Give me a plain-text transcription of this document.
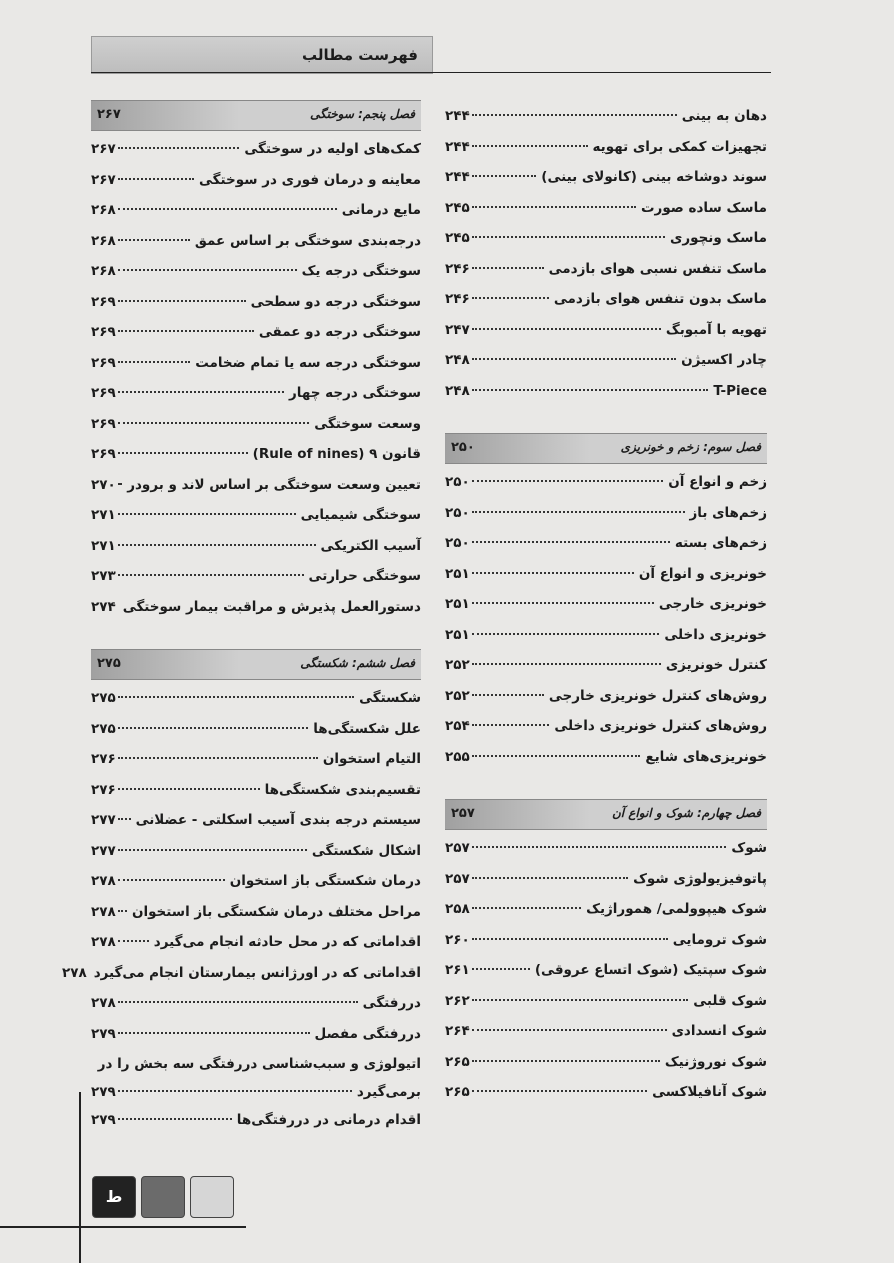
فهرست مطالب
دهان به بینی
۲۴۴
تجهیزات کمکی برای تهویه
۲۴۴
سوند دوشاخه بینی (کانولای بینی)
۲۴۴
ماسک ساده صورت
۲۴۵
ماسک ونچوری
۲۴۵
ماسک تنفس نسبی هوای بازدمی
۲۴۶
ماسک بدون تنفس هوای بازدمی
۲۴۶
تهویه با آمبوبگ
۲۴۷
چادر اکسیژن
۲۴۸
T-Piece
۲۴۸
فصل سوم: زخم و خونریزی
۲۵۰
زخم و انواع آن
۲۵۰
زخم‌های باز
۲۵۰
زخم‌های بسته
۲۵۰
خونریزی و انواع آن
۲۵۱
خونریزی خارجی
۲۵۱
خونریزی داخلی
۲۵۱
کنترل خونریزی
۲۵۲
روش‌های کنترل خونریزی خارجی
۲۵۲
روش‌های کنترل خونریزی داخلی
۲۵۴
خونریزی‌های شایع
۲۵۵
فصل چهارم: شوک و انواع آن
۲۵۷
شوک
۲۵۷
پاتوفیزیولوژی شوک
۲۵۷
شوک هیپوولمی/ هموراژیک
۲۵۸
شوک ترومایی
۲۶۰
شوک سپتیک (شوک اتساع عروقی)
۲۶۱
شوک قلبی
۲۶۲
شوک انسدادی
۲۶۴
شوک نوروژنیک
۲۶۵
شوک آنافیلاکسی
۲۶۵
فصل پنجم: سوختگی
۲۶۷
کمک‌های اولیه در سوختگی
۲۶۷
معاینه و درمان فوری در سوختگی
۲۶۷
مایع درمانی
۲۶۸
درجه‌بندی سوختگی بر اساس عمق
۲۶۸
سوختگی درجه یک
۲۶۸
سوختگی درجه دو سطحی
۲۶۹
سوختگی درجه دو عمقی
۲۶۹
سوختگی درجه سه یا تمام ضخامت
۲۶۹
سوختگی درجه چهار
۲۶۹
وسعت سوختگی
۲۶۹
قانون ۹ (Rule of nines)
۲۶۹
تعیین وسعت سوختگی بر اساس لاند و برودر
۲۷۰
سوختگی شیمیایی
۲۷۱
آسیب الکتریکی
۲۷۱
سوختگی حرارتی
۲۷۳
دستورالعمل پذیرش و مراقبت بیمار سوختگی
۲۷۴
فصل ششم: شکستگی
۲۷۵
شکستگی
۲۷۵
علل شکستگی‌ها
۲۷۵
التیام استخوان
۲۷۶
تقسیم‌بندی شکستگی‌ها
۲۷۶
سیستم درجه بندی آسیب اسکلتی - عضلانی
۲۷۷
اشکال شکستگی
۲۷۷
درمان شکستگی باز استخوان
۲۷۸
مراحل مختلف درمان شکستگی باز استخوان
۲۷۸
اقداماتی که در محل حادثه انجام می‌گیرد
۲۷۸
اقداماتی که در اورژانس بیمارستان انجام می‌گیرد
۲۷۸
دررفتگی
۲۷۸
دررفتگی مفصل
۲۷۹
اتیولوژی و سبب‌شناسی دررفتگی سه بخش را در
برمی‌گیرد
۲۷۹
اقدام درمانی در دررفتگی‌ها
۲۷۹
ط
